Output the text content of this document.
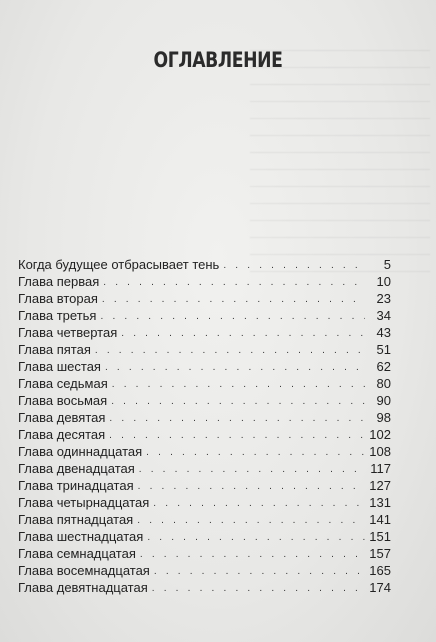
ОГЛАВЛЕНИЕ
Когда будущее отбрасывает тень . . .	5
Глава первая . . .	10
Глава вторая . . .	23
Глава третья . . .	34
Глава четвертая . . .	43
Глава пятая . . .	51
Глава шестая . . .	62
Глава седьмая . . .	80
Глава восьмая . . .	90
Глава девятая . . .	98
Глава десятая . . .	102
Глава одиннадцатая . . .	108
Глава двенадцатая . . .	117
Глава тринадцатая . . .	127
Глава четырнадцатая . . .	131
Глава пятнадцатая . . .	141
Глава шестнадцатая . . .	151
Глава семнадцатая . . .	157
Глава восемнадцатая . . .	165
Глава девятнадцатая . . .	174
